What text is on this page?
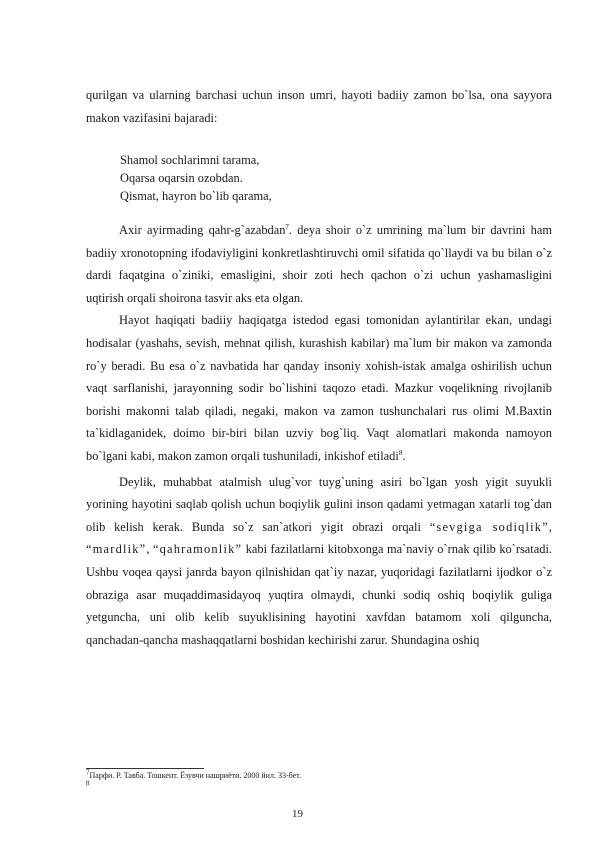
qurilgan va ularning barchasi uchun inson umri, hayoti badiiy zamon bo`lsa, ona sayyora makon vazifasini bajaradi:

Shamol sochlarimni tarama,
Oqarsa oqarsin ozobdan.
Qismat, hayron bo`lib qarama,

Axir ayirmading qahr-g`azabdan$^7$. deya shoir o`z umrining ma`lum bir davrini ham badiiy xronotopning ifodaviyligini konkretlashtiruvchi omil sifatida qo`llaydi va bu bilan o`z dardi faqatgina o`ziniki, emasligini, shoir zoti hech qachon o`zi uchun yashamasligini uqtirish orqali shoirona tasvir aks eta olgan.

Hayot haqiqati badiiy haqiqatga istedod egasi tomonidan aylantirilar ekan, undagi hodisalar (yashahs, sevish, mehnat qilish, kurashish kabilar) ma`lum bir makon va zamonda ro`y beradi. Bu esa o`z navbatida har qanday insoniy xohish-istak amalga oshirilish uchun vaqt sarflanishi, jarayonning sodir bo`lishini taqozo etadi. Mazkur voqelikning rivojlanib borishi makonni talab qiladi, negaki, makon va zamon tushunchalari rus olimi M.Baxtin ta`kidlaganidek, doimo bir-biri bilan uzviy bog`liq. Vaqt alomatlari makonda namoyon bo`lgani kabi, makon zamon orqali tushuniladi, inkishof etiladi$^8$.

Deylik, muhabbat atalmish ulug`vor tuyg`uning asiri bo`lgan yosh yigit suyukli yorining hayotini saqlab qolish uchun boqiylik gulini inson qadami yetmagan xatarli tog`dan olib kelish kerak. Bunda so`z san`atkori yigit obrazi orqali “sevgiga sodiqlik”, “mardlik”, “qahramonlik” kabi fazilatlarni kitobxonga ma`naviy o`rnak qilib ko`rsatadi. Ushbu voqea qaysi janrda bayon qilnishidan qat`iy nazar, yuqoridagi fazilatlarni ijodkor o`z obraziga asar muqaddimasidayoq yuqtira olmaydi, chunki sodiq oshiq boqiylik guliga yetguncha, uni olib kelib suyuklisining hayotini xavfdan batamom xoli qilguncha, qanchadan-qancha mashaqqatlarni boshidan kechirishi zarur. Shundagina oshiq

$^7$Парфи. Р. Тавба. Тошкент. Ёзувчи нашриёти. 2000 йил. 33-бет.
$^8$
19
